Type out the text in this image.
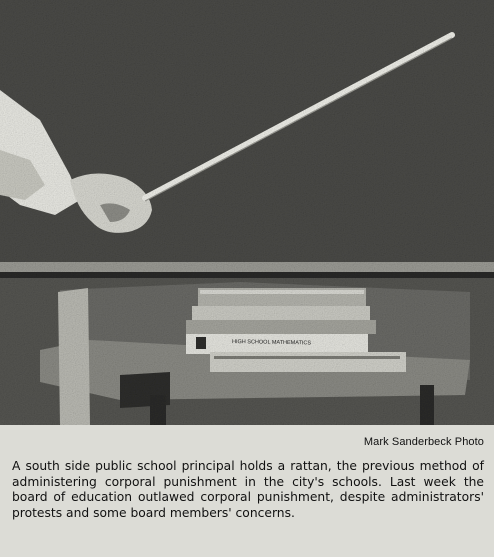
HIGH SCHOOL MATHEMATICS
Mark Sanderbeck Photo

A south side public school principal holds a rattan, the previous method of administering corporal punishment in the city's schools. Last week the board of education outlawed corporal punishment, despite administrators' protests and some board members' concerns.
